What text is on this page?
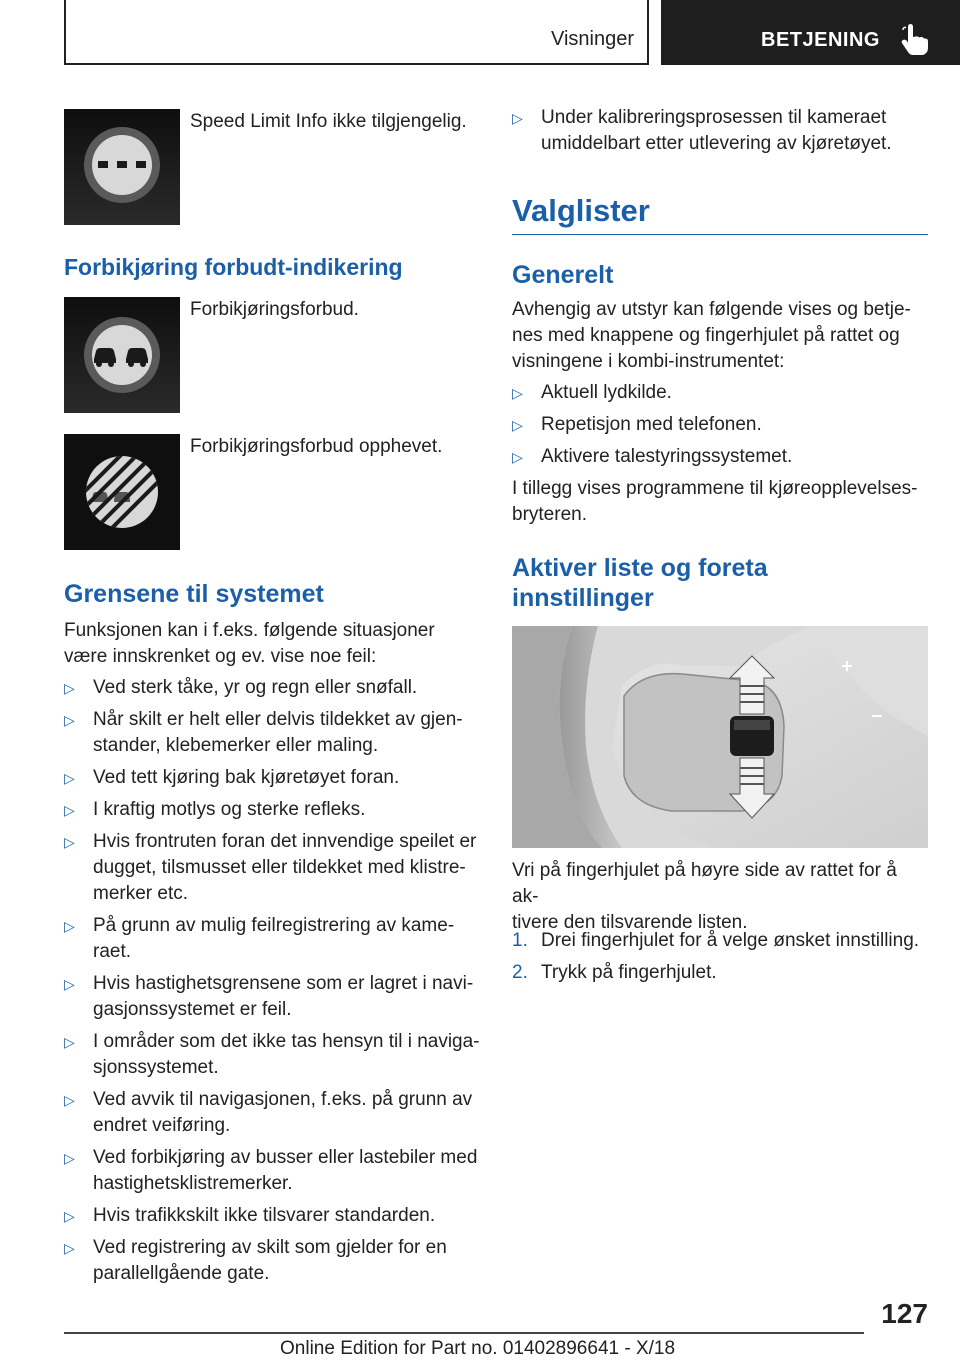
Visninger	BETJENING
Speed Limit Info ikke tilgjengelig.
Forbikjøring forbudt-indikering
Forbikjøringsforbud.
Forbikjøringsforbud opphevet.
Grensene til systemet
Funksjonen kan i f.eks. følgende situasjoner
være innskrenket og ev. vise noe feil:
▷ Ved sterk tåke, yr og regn eller snøfall.
▷ Når skilt er helt eller delvis tildekket av gjen-
stander, klebemerker eller maling.
▷ Ved tett kjøring bak kjøretøyet foran.
▷ I kraftig motlys og sterke refleks.
▷ Hvis frontruten foran det innvendige speilet er
dugget, tilsmusset eller tildekket med klistre-
merker etc.
▷ På grunn av mulig feilregistrering av kame-
raet.
▷ Hvis hastighetsgrensene som er lagret i navi-
gasjonssystemet er feil.
▷ I områder som det ikke tas hensyn til i naviga-
sjonssystemet.
▷ Ved avvik til navigasjonen, f.eks. på grunn av
endret veiføring.
▷ Ved forbikjøring av busser eller lastebiler med
hastighetsklistremerker.
▷ Hvis trafikkskilt ikke tilsvarer standarden.
▷ Ved registrering av skilt som gjelder for en
parallellgående gate.
▷ Under kalibreringsprosessen til kameraet
umiddelbart etter utlevering av kjøretøyet.
Valglister
Generelt
Avhengig av utstyr kan følgende vises og betje-
nes med knappene og fingerhjulet på rattet og
visningene i kombi-instrumentet:
▷ Aktuell lydkilde.
▷ Repetisjon med telefonen.
▷ Aktivere talestyringssystemet.
I tillegg vises programmene til kjøreopplevelses-
bryteren.
Aktiver liste og foreta
innstillinger
Vri på fingerhjulet på høyre side av rattet for å ak-
tivere den tilsvarende listen.
1. Drei fingerhjulet for å velge ønsket innstilling.
2. Trykk på fingerhjulet.
127
Online Edition for Part no. 01402896641 - X/18
